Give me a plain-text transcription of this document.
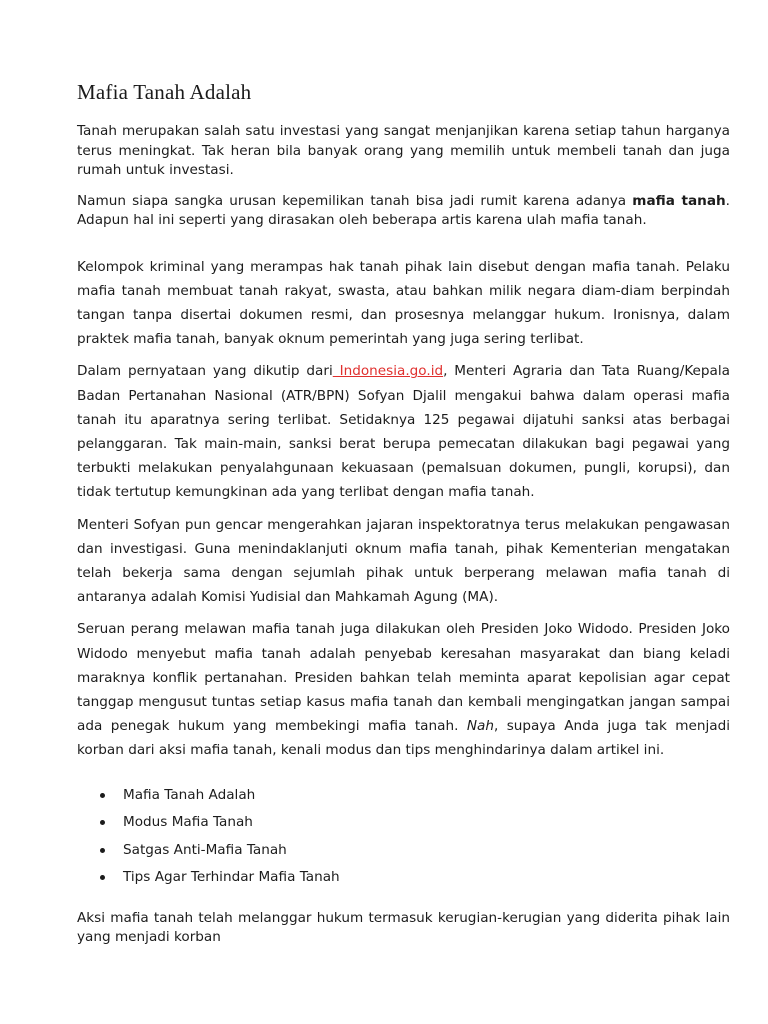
Mafia Tanah Adalah

Tanah merupakan salah satu investasi yang sangat menjanjikan karena setiap tahun harganya terus meningkat. Tak heran bila banyak orang yang memilih untuk membeli tanah dan juga rumah untuk investasi.

Namun siapa sangka urusan kepemilikan tanah bisa jadi rumit karena adanya mafia tanah. Adapun hal ini seperti yang dirasakan oleh beberapa artis karena ulah mafia tanah.

Kelompok kriminal yang merampas hak tanah pihak lain disebut dengan mafia tanah. Pelaku mafia tanah membuat tanah rakyat, swasta, atau bahkan milik negara diam-diam berpindah tangan tanpa disertai dokumen resmi, dan prosesnya melanggar hukum. Ironisnya, dalam praktek mafia tanah, banyak oknum pemerintah yang juga sering terlibat.

Dalam pernyataan yang dikutip dari Indonesia.go.id, Menteri Agraria dan Tata Ruang/Kepala Badan Pertanahan Nasional (ATR/BPN) Sofyan Djalil mengakui bahwa dalam operasi mafia tanah itu aparatnya sering terlibat. Setidaknya 125 pegawai dijatuhi sanksi atas berbagai pelanggaran. Tak main-main, sanksi berat berupa pemecatan dilakukan bagi pegawai yang terbukti melakukan penyalahgunaan kekuasaan (pemalsuan dokumen, pungli, korupsi), dan tidak tertutup kemungkinan ada yang terlibat dengan mafia tanah.

Menteri Sofyan pun gencar mengerahkan jajaran inspektoratnya terus melakukan pengawasan dan investigasi. Guna menindaklanjuti oknum mafia tanah, pihak Kementerian mengatakan telah bekerja sama dengan sejumlah pihak untuk berperang melawan mafia tanah di antaranya adalah Komisi Yudisial dan Mahkamah Agung (MA).

Seruan perang melawan mafia tanah juga dilakukan oleh Presiden Joko Widodo. Presiden Joko Widodo menyebut mafia tanah adalah penyebab keresahan masyarakat dan biang keladi maraknya konflik pertanahan. Presiden bahkan telah meminta aparat kepolisian agar cepat tanggap mengusut tuntas setiap kasus mafia tanah dan kembali mengingatkan jangan sampai ada penegak hukum yang membekingi mafia tanah. Nah, supaya Anda juga tak menjadi korban dari aksi mafia tanah, kenali modus dan tips menghindarinya dalam artikel ini.

Mafia Tanah Adalah
Modus Mafia Tanah
Satgas Anti-Mafia Tanah
Tips Agar Terhindar Mafia Tanah

Aksi mafia tanah telah melanggar hukum termasuk kerugian-kerugian yang diderita pihak lain yang menjadi korban
